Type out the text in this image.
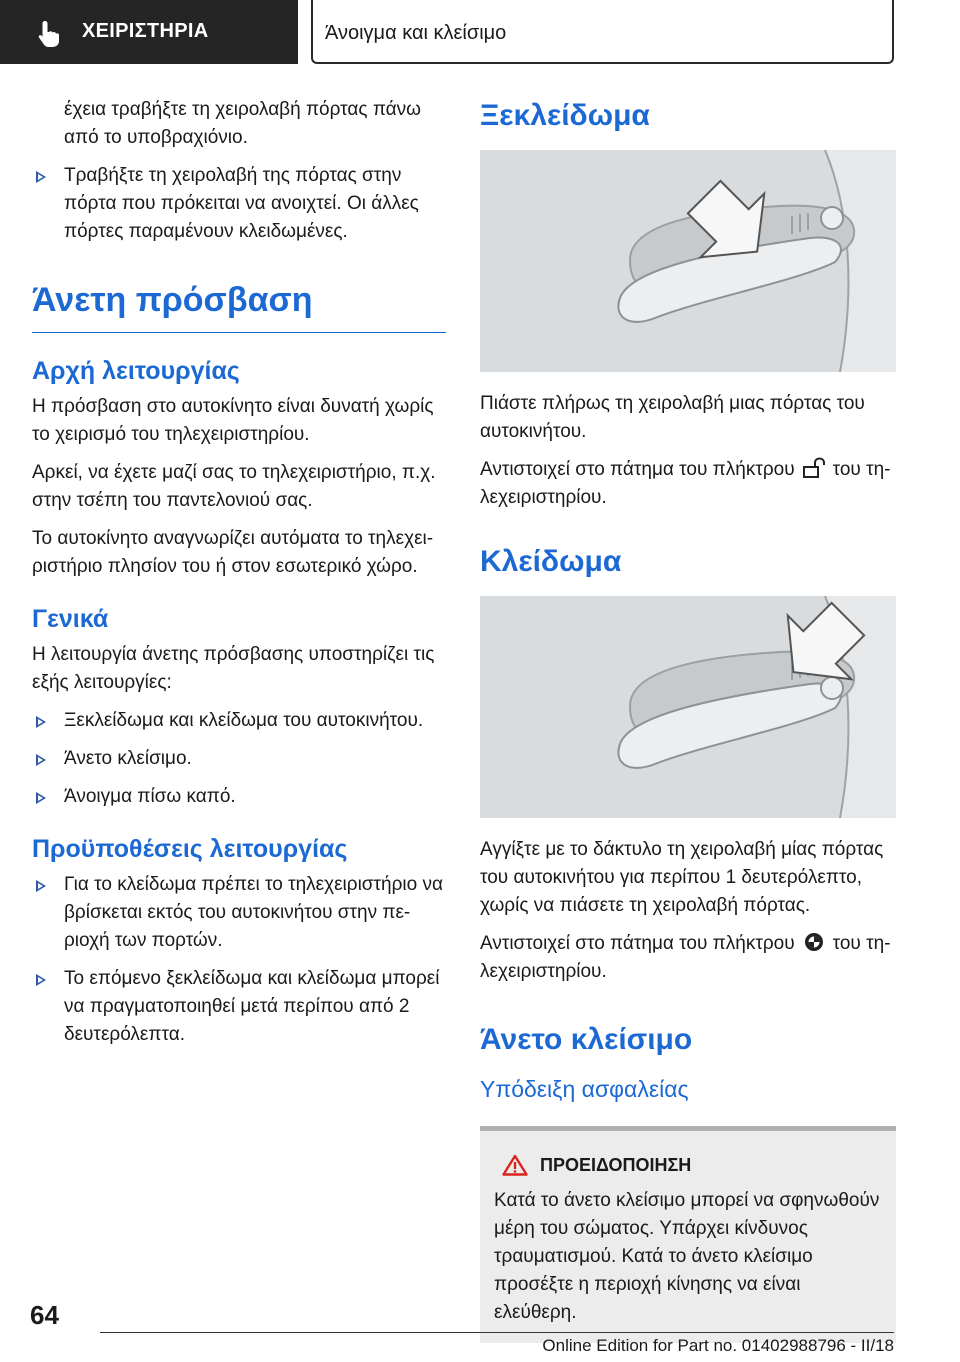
ΧΕΙΡΙΣΤΗΡΙΑ	Άνοιγμα και κλείσιμο
έχεια τραβήξτε τη χειρολαβή πόρτας πάνω από το υποβραχιόνιο.
Τραβήξτε τη χειρολαβή της πόρτας στην πόρτα που πρόκειται να ανοιχτεί. Οι άλλες πόρτες παραμένουν κλειδωμένες.
Άνετη πρόσβαση
Αρχή λειτουργίας

Η πρόσβαση στο αυτοκίνητο είναι δυνατή χωρίς το χειρισμό του τηλεχειριστηρίου.

Αρκεί, να έχετε μαζί σας το τηλεχειριστήριο, π.χ. στην τσέπη του παντελονιού σας.

Το αυτοκίνητο αναγνωρίζει αυτόματα το τηλεχειριστήριο πλησίον του ή στον εσωτερικό χώρο.

Γενικά

Η λειτουργία άνετης πρόσβασης υποστηρίζει τις εξής λειτουργίες:

Ξεκλείδωμα και κλείδωμα του αυτοκινήτου.
Άνετο κλείσιμο.
Άνοιγμα πίσω καπό.
Προϋποθέσεις λειτουργίας
Για το κλείδωμα πρέπει το τηλεχειριστήριο να βρίσκεται εκτός του αυτοκινήτου στην περιοχή των πορτών.
Το επόμενο ξεκλείδωμα και κλείδωμα μπορεί να πραγματοποιηθεί μετά περίπου από 2 δευτερόλεπτα.
Ξεκλείδωμα

Πιάστε πλήρως τη χειρολαβή μιας πόρτας του αυτοκινήτου.

Αντιστοιχεί στο πάτημα του πλήκτρου του τηλεχειριστηρίου.

Κλείδωμα

Αγγίξτε με το δάκτυλο τη χειρολαβή μίας πόρτας του αυτοκινήτου για περίπου 1 δευτερόλεπτο, χωρίς να πιάσετε τη χειρολαβή πόρτας.

Αντιστοιχεί στο πάτημα του πλήκτρου του τηλεχειριστηρίου.

Άνετο κλείσιμο
Υπόδειξη ασφαλείας
ΠΡΟΕΙΔΟΠΟΙΗΣΗ
Κατά το άνετο κλείσιμο μπορεί να σφηνωθούν μέρη του σώματος. Υπάρχει κίνδυνος τραυματισμού. Κατά το άνετο κλείσιμο προσέξτε η περιοχή κίνησης να είναι ελεύθερη.
64
Online Edition for Part no. 01402988796 - II/18
